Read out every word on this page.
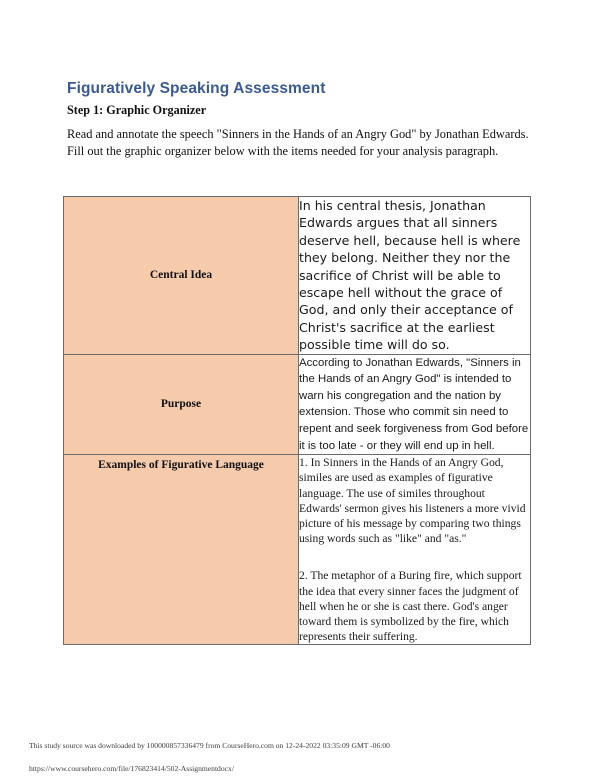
Figuratively Speaking Assessment
Step 1: Graphic Organizer
Read and annotate the speech "Sinners in the Hands of an Angry God" by Jonathan Edwards. Fill out the graphic organizer below with the items needed for your analysis paragraph.
Central Idea	In his central thesis, Jonathan Edwards argues that all sinners deserve hell, because hell is where they belong. Neither they nor the sacrifice of Christ will be able to escape hell without the grace of God, and only their acceptance of Christ's sacrifice at the earliest possible time will do so.
Purpose	According to Jonathan Edwards, "Sinners in the Hands of an Angry God" is intended to warn his congregation and the nation by extension. Those who commit sin need to repent and seek forgiveness from God before it is too late - or they will end up in hell.
Examples of Figurative Language	1. In Sinners in the Hands of an Angry God, similes are used as examples of figurative language. The use of similes throughout Edwards' sermon gives his listeners a more vivid picture of his message by comparing two things using words such as "like" and "as."

2. The metaphor of a Buring fire, which support the idea that every sinner faces the judgment of hell when he or she is cast there. God's anger toward them is symbolized by the fire, which represents their suffering.

This study source was downloaded by 100000857336479 from CourseHero.com on 12-24-2022 03:35:09 GMT -06:00
https://www.coursehero.com/file/176823414/502-Assignmentdocx/
